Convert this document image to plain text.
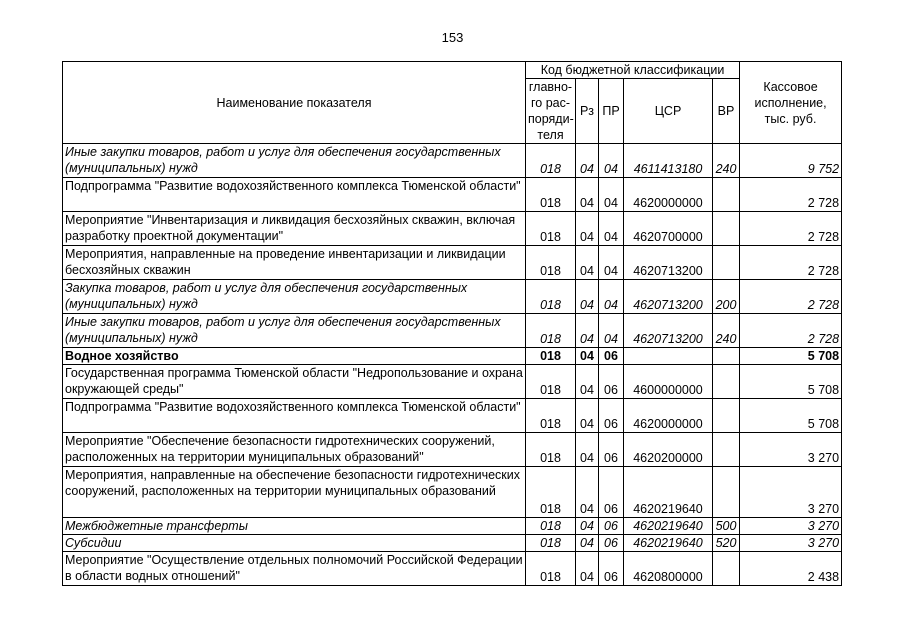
153
Наименование показателя	Код бюджетной классификации					Кассовое исполнение, тыс. руб.
	главно-го рас-поряди-теля	Рз	ПР	ЦСР	ВР	
Иные закупки товаров, работ и услуг для обеспечения государственных (муниципальных) нужд	018	04	04	4611413180	240	9 752
Подпрограмма "Развитие водохозяйственного комплекса Тюменской области"	018	04	04	4620000000		2 728
Мероприятие "Инвентаризация и ликвидация бесхозяйных скважин, включая разработку проектной документации"	018	04	04	4620700000		2 728
Мероприятия, направленные на проведение инвентаризации и ликвидации бесхозяйных скважин	018	04	04	4620713200		2 728
Закупка товаров, работ и услуг для обеспечения государственных (муниципальных) нужд	018	04	04	4620713200	200	2 728
Иные закупки товаров, работ и услуг для обеспечения государственных (муниципальных) нужд	018	04	04	4620713200	240	2 728
Водное хозяйство	018	04	06			5 708
Государственная программа Тюменской области "Недропользование и охрана окружающей среды"	018	04	06	4600000000		5 708
Подпрограмма "Развитие водохозяйственного комплекса Тюменской области"	018	04	06	4620000000		5 708
Мероприятие "Обеспечение безопасности гидротехнических сооружений, расположенных на территории муниципальных образований"	018	04	06	4620200000		3 270
Мероприятия, направленные на обеспечение безопасности гидротехнических сооружений, расположенных на территории муниципальных образований	018	04	06	4620219640		3 270
Межбюджетные трансферты	018	04	06	4620219640	500	3 270
Субсидии	018	04	06	4620219640	520	3 270
Мероприятие "Осуществление отдельных полномочий Российской Федерации в области водных отношений"	018	04	06	4620800000		2 438
